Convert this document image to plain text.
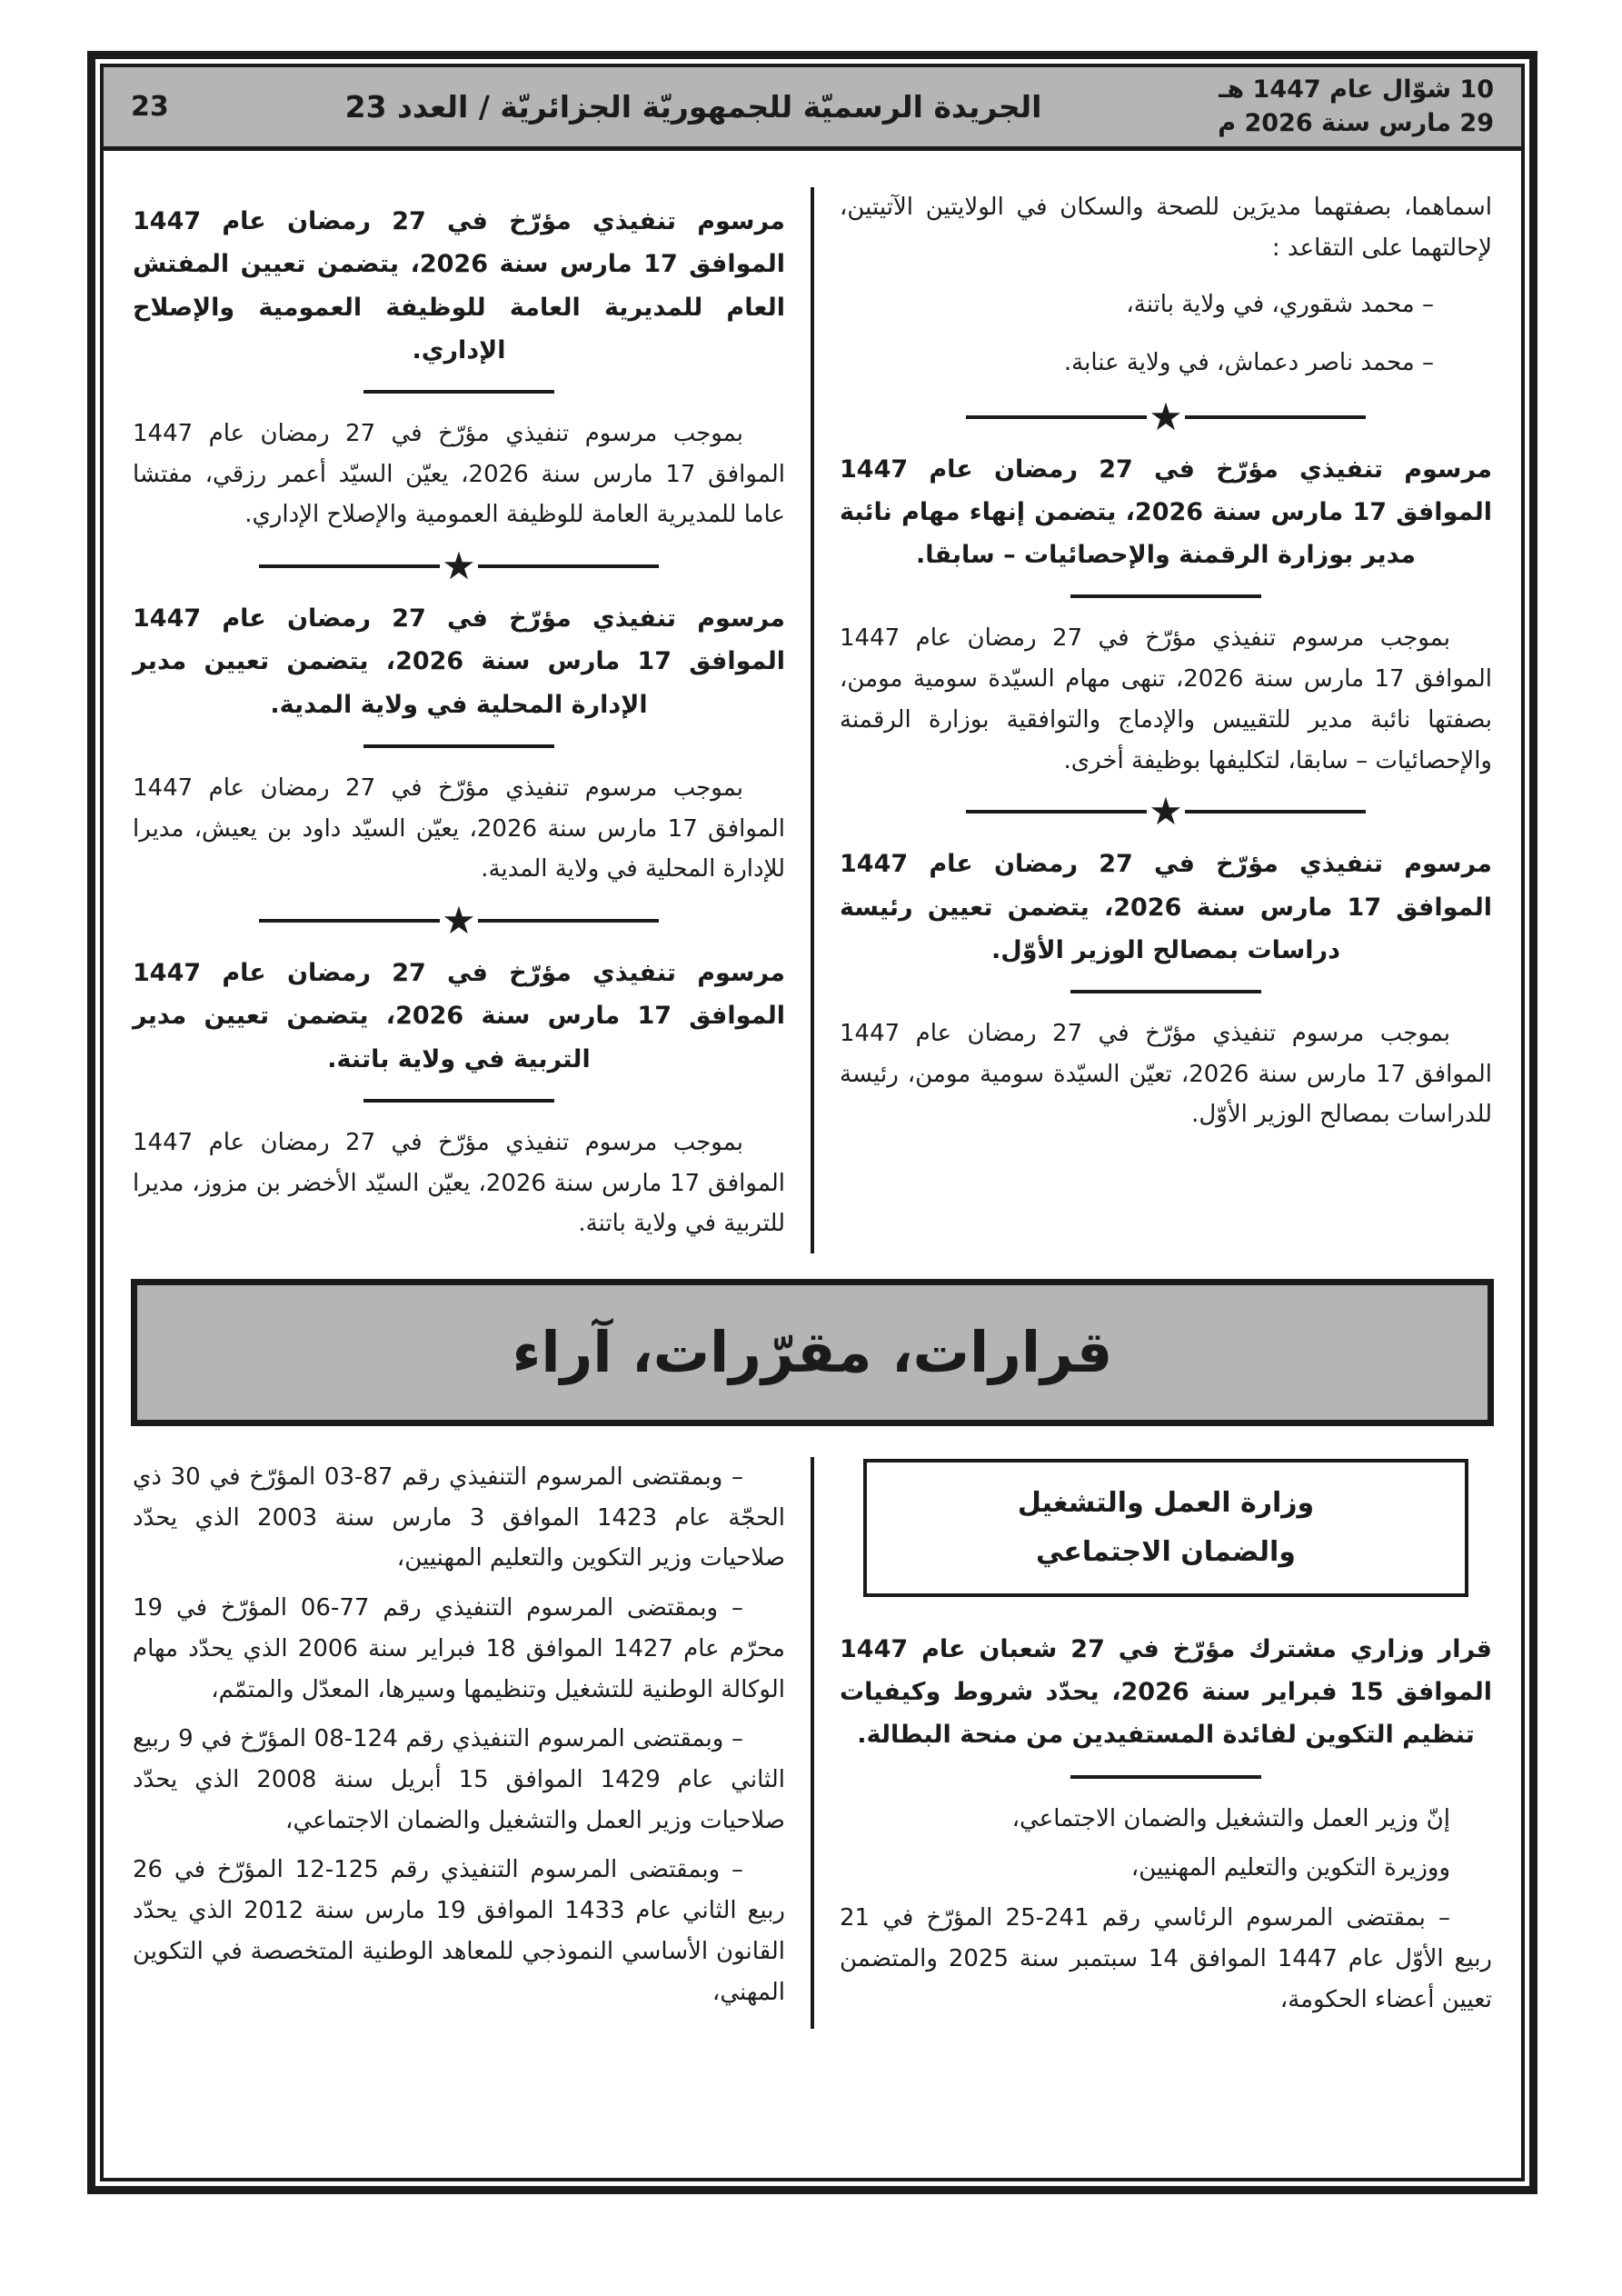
10 شوّال عام 1447 هـ
29 مارس سنة 2026 م
الجريدة الرسميّة للجمهوريّة الجزائريّة / العدد 23
23

اسماهما، بصفتهما مديرَين للصحة والسكان في الولايتين الآتيتين، لإحالتهما على التقاعد :

– محمد شقوري، في ولاية باتنة،

– محمد ناصر دعماش، في ولاية عنابة.

★
مرسوم تنفيذي مؤرّخ في 27 رمضان عام 1447 الموافق 17 مارس سنة 2026، يتضمن إنهاء مهام نائبة مدير بوزارة الرقمنة والإحصائيات – سابقا.

بموجب مرسوم تنفيذي مؤرّخ في 27 رمضان عام 1447 الموافق 17 مارس سنة 2026، تنهى مهام السيّدة سومية مومن، بصفتها نائبة مدير للتقييس والإدماج والتوافقية بوزارة الرقمنة والإحصائيات – سابقا، لتكليفها بوظيفة أخرى.

★
مرسوم تنفيذي مؤرّخ في 27 رمضان عام 1447 الموافق 17 مارس سنة 2026، يتضمن تعيين رئيسة دراسات بمصالح الوزير الأوّل.

بموجب مرسوم تنفيذي مؤرّخ في 27 رمضان عام 1447 الموافق 17 مارس سنة 2026، تعيّن السيّدة سومية مومن، رئيسة للدراسات بمصالح الوزير الأوّل.

مرسوم تنفيذي مؤرّخ في 27 رمضان عام 1447 الموافق 17 مارس سنة 2026، يتضمن تعيين المفتش العام للمديرية العامة للوظيفة العمومية والإصلاح الإداري.

بموجب مرسوم تنفيذي مؤرّخ في 27 رمضان عام 1447 الموافق 17 مارس سنة 2026، يعيّن السيّد أعمر رزقي، مفتشا عاما للمديرية العامة للوظيفة العمومية والإصلاح الإداري.

★
مرسوم تنفيذي مؤرّخ في 27 رمضان عام 1447 الموافق 17 مارس سنة 2026، يتضمن تعيين مدير الإدارة المحلية في ولاية المدية.

بموجب مرسوم تنفيذي مؤرّخ في 27 رمضان عام 1447 الموافق 17 مارس سنة 2026، يعيّن السيّد داود بن يعيش، مديرا للإدارة المحلية في ولاية المدية.

★
مرسوم تنفيذي مؤرّخ في 27 رمضان عام 1447 الموافق 17 مارس سنة 2026، يتضمن تعيين مدير التربية في ولاية باتنة.

بموجب مرسوم تنفيذي مؤرّخ في 27 رمضان عام 1447 الموافق 17 مارس سنة 2026، يعيّن السيّد الأخضر بن مزوز، مديرا للتربية في ولاية باتنة.

قرارات، مقرّرات، آراء
وزارة العمل والتشغيل
والضمان الاجتماعي
قرار وزاري مشترك مؤرّخ في 27 شعبان عام 1447 الموافق 15 فبراير سنة 2026، يحدّد شروط وكيفيات تنظيم التكوين لفائدة المستفيدين من منحة البطالة.

إنّ وزير العمل والتشغيل والضمان الاجتماعي،

ووزيرة التكوين والتعليم المهنيين،

– بمقتضى المرسوم الرئاسي رقم 241-25 المؤرّخ في 21 ربيع الأوّل عام 1447 الموافق 14 سبتمبر سنة 2025 والمتضمن تعيين أعضاء الحكومة،

– وبمقتضى المرسوم التنفيذي رقم 87-03 المؤرّخ في 30 ذي الحجّة عام 1423 الموافق 3 مارس سنة 2003 الذي يحدّد صلاحيات وزير التكوين والتعليم المهنيين،

– وبمقتضى المرسوم التنفيذي رقم 77-06 المؤرّخ في 19 محرّم عام 1427 الموافق 18 فبراير سنة 2006 الذي يحدّد مهام الوكالة الوطنية للتشغيل وتنظيمها وسيرها، المعدّل والمتمّم،

– وبمقتضى المرسوم التنفيذي رقم 124-08 المؤرّخ في 9 ربيع الثاني عام 1429 الموافق 15 أبريل سنة 2008 الذي يحدّد صلاحيات وزير العمل والتشغيل والضمان الاجتماعي،

– وبمقتضى المرسوم التنفيذي رقم 125-12 المؤرّخ في 26 ربيع الثاني عام 1433 الموافق 19 مارس سنة 2012 الذي يحدّد القانون الأساسي النموذجي للمعاهد الوطنية المتخصصة في التكوين المهني،
